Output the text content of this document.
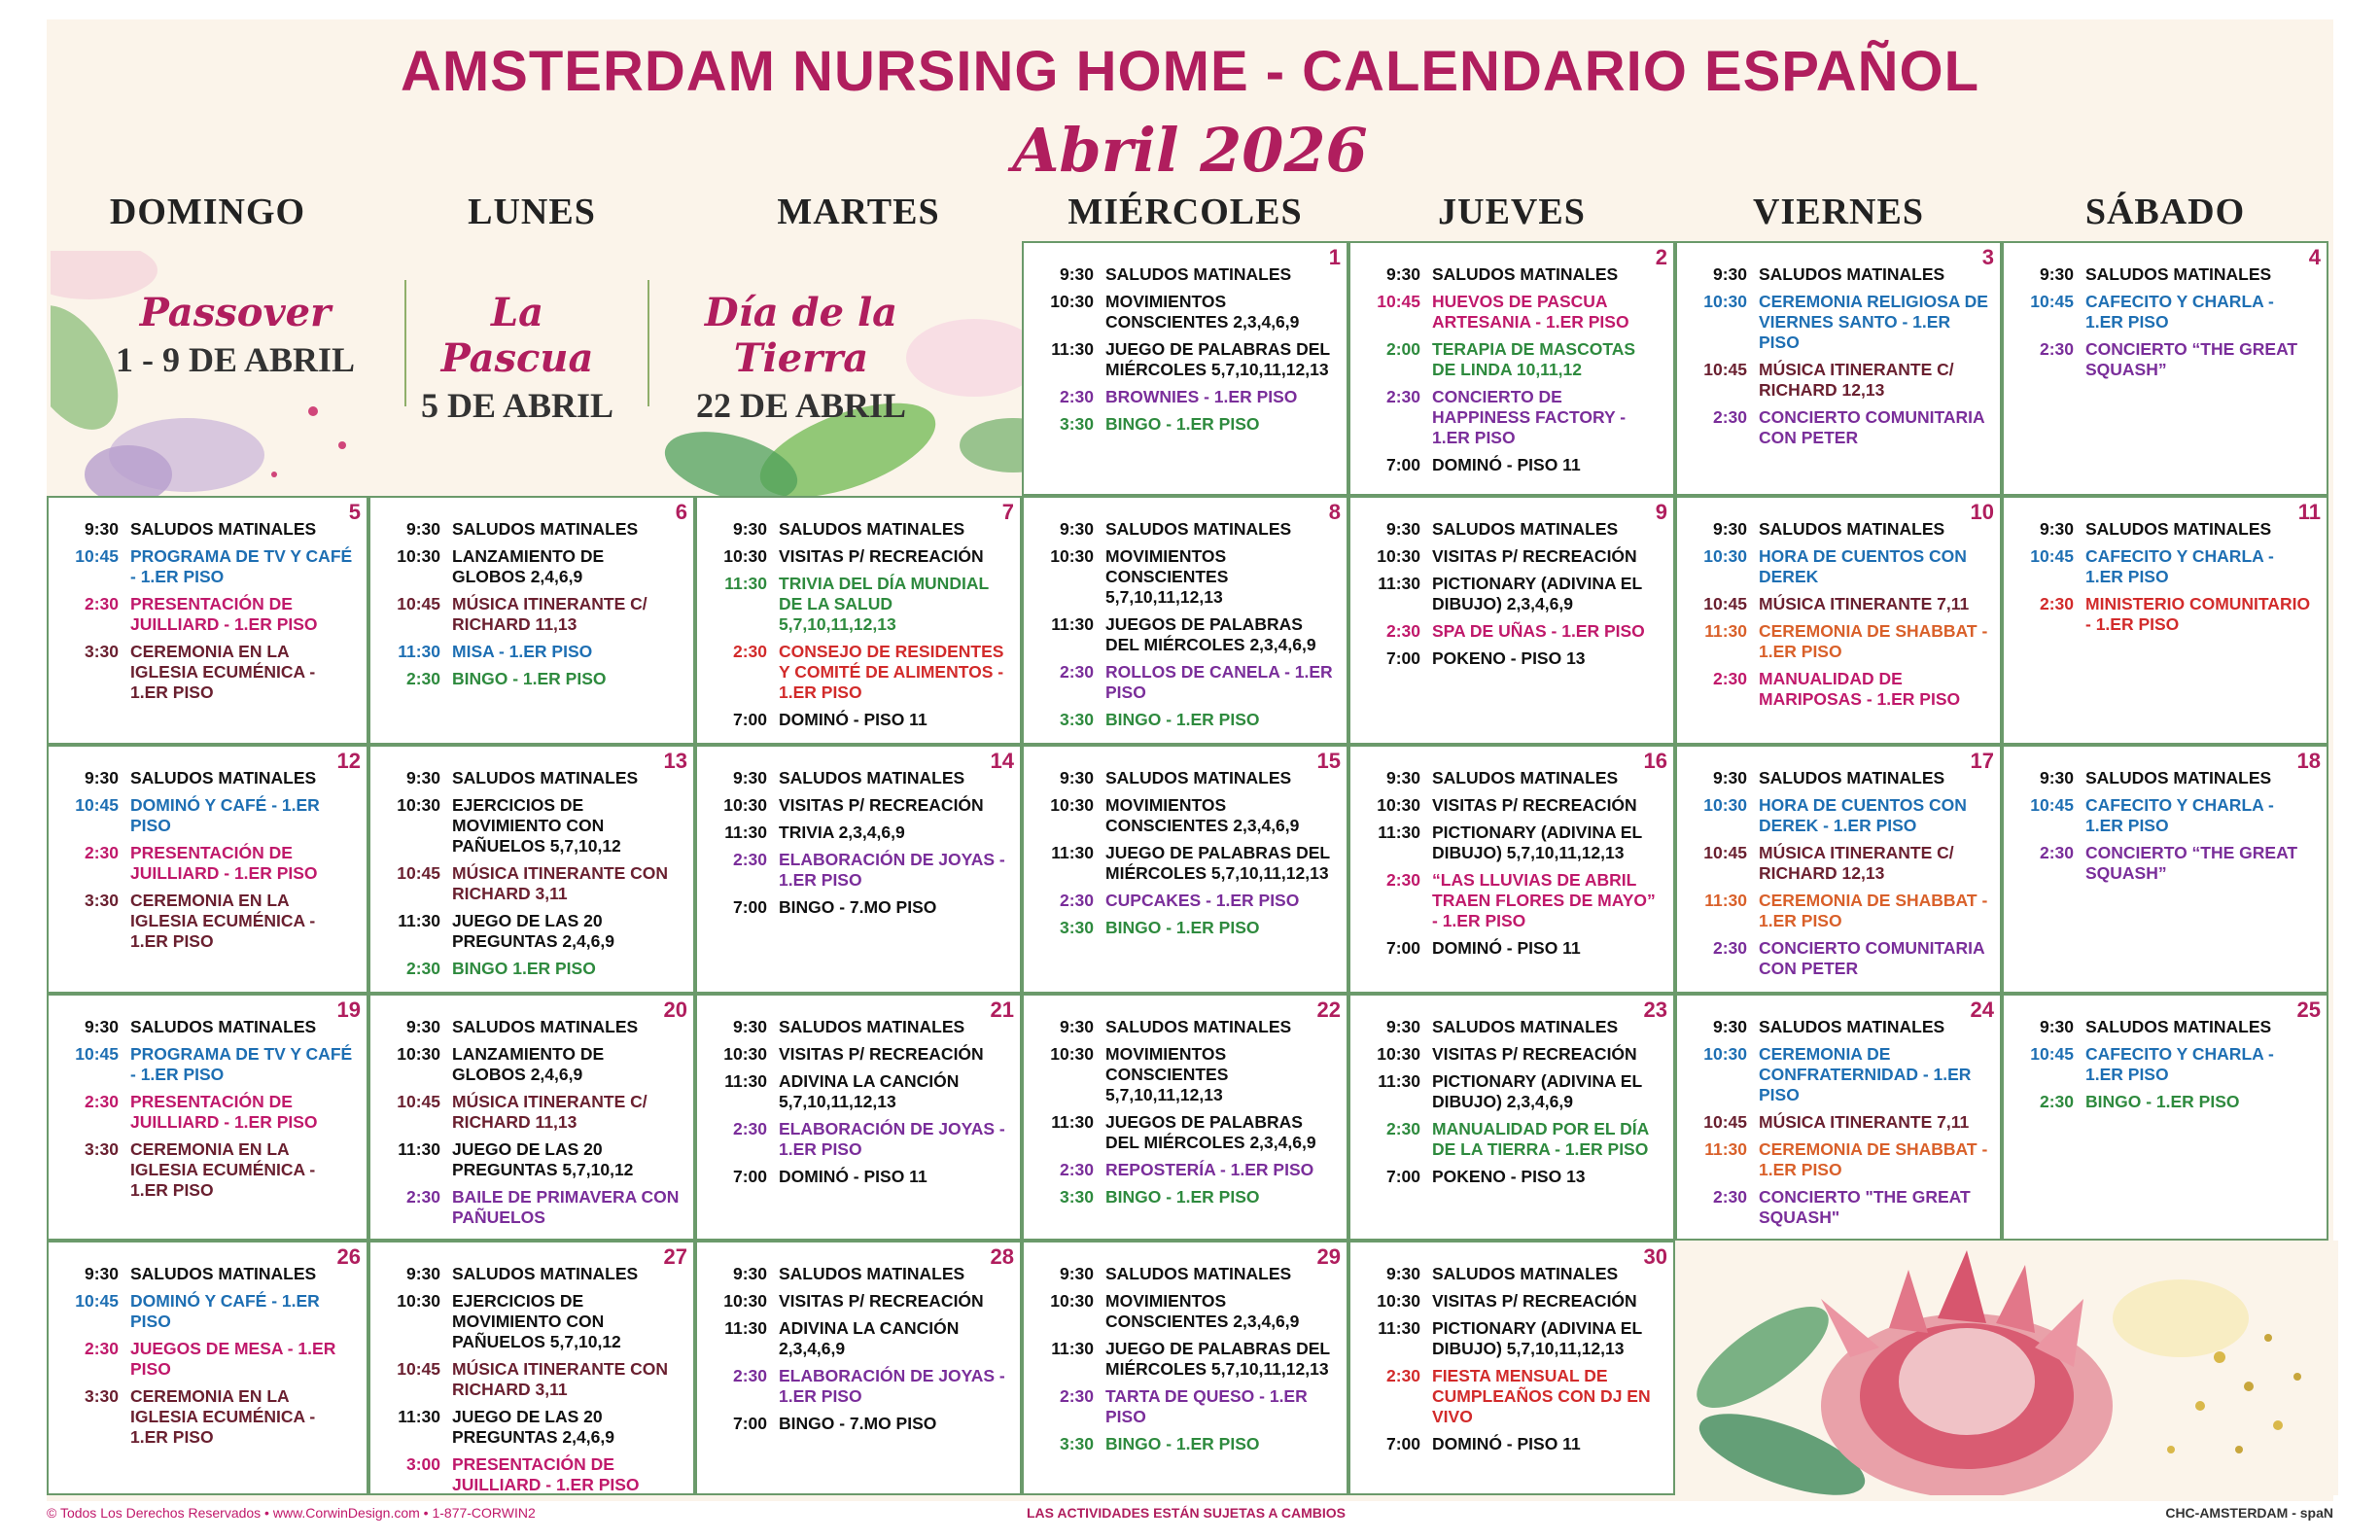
AMSTERDAM NURSING HOME - CALENDARIO ESPAÑOL
Abril 2026
DOMINGO	LUNES	MARTES	MIÉRCOLES	JUEVES	VIERNES	SÁBADO
Passover
1 - 9 DE ABRIL
La Pascua
5 DE ABRIL
Día de la Tierra
22 DE ABRIL
1
9:30 SALUDOS MATINALES
10:30 MOVIMIENTOS CONSCIENTES 2,3,4,6,9
11:30 JUEGO DE PALABRAS DEL MIÉRCOLES 5,7,10,11,12,13
2:30 BROWNIES - 1.ER PISO
3:30 BINGO - 1.ER PISO
2
9:30 SALUDOS MATINALES
10:45 HUEVOS DE PASCUA ARTESANIA - 1.ER PISO
2:00 TERAPIA DE MASCOTAS DE LINDA 10,11,12
2:30 CONCIERTO DE HAPPINESS FACTORY - 1.ER PISO
7:00 DOMINÓ - PISO 11
3
9:30 SALUDOS MATINALES
10:30 CEREMONIA RELIGIOSA DE VIERNES SANTO - 1.ER PISO
10:45 MÚSICA ITINERANTE C/ RICHARD 12,13
2:30 CONCIERTO COMUNITARIA CON PETER
4
9:30 SALUDOS MATINALES
10:45 CAFECITO Y CHARLA - 1.ER PISO
2:30 CONCIERTO “THE GREAT SQUASH”
5
9:30 SALUDOS MATINALES
10:45 PROGRAMA DE TV Y CAFÉ - 1.ER PISO
2:30 PRESENTACIÓN DE JUILLIARD - 1.ER PISO
3:30 CEREMONIA EN LA IGLESIA ECUMÉNICA - 1.ER PISO
6
9:30 SALUDOS MATINALES
10:30 LANZAMIENTO DE GLOBOS 2,4,6,9
10:45 MÚSICA ITINERANTE C/ RICHARD 11,13
11:30 MISA - 1.ER PISO
2:30 BINGO - 1.ER PISO
7
9:30 SALUDOS MATINALES
10:30 VISITAS P/ RECREACIÓN
11:30 TRIVIA DEL DÍA MUNDIAL DE LA SALUD 5,7,10,11,12,13
2:30 CONSEJO DE RESIDENTES Y COMITÉ DE ALIMENTOS - 1.ER PISO
7:00 DOMINÓ - PISO 11
8
9:30 SALUDOS MATINALES
10:30 MOVIMIENTOS CONSCIENTES 5,7,10,11,12,13
11:30 JUEGOS DE PALABRAS DEL MIÉRCOLES 2,3,4,6,9
2:30 ROLLOS DE CANELA - 1.ER PISO
3:30 BINGO - 1.ER PISO
9
9:30 SALUDOS MATINALES
10:30 VISITAS P/ RECREACIÓN
11:30 PICTIONARY (ADIVINA EL DIBUJO) 2,3,4,6,9
2:30 SPA DE UÑAS - 1.ER PISO
7:00 POKENO - PISO 13
10
9:30 SALUDOS MATINALES
10:30 HORA DE CUENTOS CON DEREK
10:45 MÚSICA ITINERANTE 7,11
11:30 CEREMONIA DE SHABBAT - 1.ER PISO
2:30 MANUALIDAD DE MARIPOSAS - 1.ER PISO
11
9:30 SALUDOS MATINALES
10:45 CAFECITO Y CHARLA - 1.ER PISO
2:30 MINISTERIO COMUNITARIO - 1.ER PISO
12
9:30 SALUDOS MATINALES
10:45 DOMINÓ Y CAFÉ - 1.ER PISO
2:30 PRESENTACIÓN DE JUILLIARD - 1.ER PISO
3:30 CEREMONIA EN LA IGLESIA ECUMÉNICA - 1.ER PISO
13
9:30 SALUDOS MATINALES
10:30 EJERCICIOS DE MOVIMIENTO CON PAÑUELOS 5,7,10,12
10:45 MÚSICA ITINERANTE CON RICHARD 3,11
11:30 JUEGO DE LAS 20 PREGUNTAS 2,4,6,9
2:30 BINGO 1.ER PISO
14
9:30 SALUDOS MATINALES
10:30 VISITAS P/ RECREACIÓN
11:30 TRIVIA 2,3,4,6,9
2:30 ELABORACIÓN DE JOYAS - 1.ER PISO
7:00 BINGO - 7.MO PISO
15
9:30 SALUDOS MATINALES
10:30 MOVIMIENTOS CONSCIENTES 2,3,4,6,9
11:30 JUEGO DE PALABRAS DEL MIÉRCOLES 5,7,10,11,12,13
2:30 CUPCAKES - 1.ER PISO
3:30 BINGO - 1.ER PISO
16
9:30 SALUDOS MATINALES
10:30 VISITAS P/ RECREACIÓN
11:30 PICTIONARY (ADIVINA EL DIBUJO) 5,7,10,11,12,13
2:30 “LAS LLUVIAS DE ABRIL TRAEN FLORES DE MAYO” - 1.ER PISO
7:00 DOMINÓ - PISO 11
17
9:30 SALUDOS MATINALES
10:30 HORA DE CUENTOS CON DEREK - 1.ER PISO
10:45 MÚSICA ITINERANTE C/ RICHARD 12,13
11:30 CEREMONIA DE SHABBAT - 1.ER PISO
2:30 CONCIERTO COMUNITARIA CON PETER
18
9:30 SALUDOS MATINALES
10:45 CAFECITO Y CHARLA - 1.ER PISO
2:30 CONCIERTO “THE GREAT SQUASH”
19
9:30 SALUDOS MATINALES
10:45 PROGRAMA DE TV Y CAFÉ - 1.ER PISO
2:30 PRESENTACIÓN DE JUILLIARD - 1.ER PISO
3:30 CEREMONIA EN LA IGLESIA ECUMÉNICA - 1.ER PISO
20
9:30 SALUDOS MATINALES
10:30 LANZAMIENTO DE GLOBOS 2,4,6,9
10:45 MÚSICA ITINERANTE C/ RICHARD 11,13
11:30 JUEGO DE LAS 20 PREGUNTAS 5,7,10,12
2:30 BAILE DE PRIMAVERA CON PAÑUELOS
21
9:30 SALUDOS MATINALES
10:30 VISITAS P/ RECREACIÓN
11:30 ADIVINA LA CANCIÓN 5,7,10,11,12,13
2:30 ELABORACIÓN DE JOYAS - 1.ER PISO
7:00 DOMINÓ - PISO 11
22
9:30 SALUDOS MATINALES
10:30 MOVIMIENTOS CONSCIENTES 5,7,10,11,12,13
11:30 JUEGOS DE PALABRAS DEL MIÉRCOLES 2,3,4,6,9
2:30 REPOSTERÍA - 1.ER PISO
3:30 BINGO - 1.ER PISO
23
9:30 SALUDOS MATINALES
10:30 VISITAS P/ RECREACIÓN
11:30 PICTIONARY (ADIVINA EL DIBUJO) 2,3,4,6,9
2:30 MANUALIDAD POR EL DÍA DE LA TIERRA - 1.ER PISO
7:00 POKENO - PISO 13
24
9:30 SALUDOS MATINALES
10:30 CEREMONIA DE CONFRATERNIDAD - 1.ER PISO
10:45 MÚSICA ITINERANTE 7,11
11:30 CEREMONIA DE SHABBAT - 1.ER PISO
2:30 CONCIERTO "THE GREAT SQUASH"
25
9:30 SALUDOS MATINALES
10:45 CAFECITO Y CHARLA - 1.ER PISO
2:30 BINGO - 1.ER PISO
26
9:30 SALUDOS MATINALES
10:45 DOMINÓ Y CAFÉ - 1.ER PISO
2:30 JUEGOS DE MESA - 1.ER PISO
3:30 CEREMONIA EN LA IGLESIA ECUMÉNICA - 1.ER PISO
27
9:30 SALUDOS MATINALES
10:30 EJERCICIOS DE MOVIMIENTO CON PAÑUELOS 5,7,10,12
10:45 MÚSICA ITINERANTE CON RICHARD 3,11
11:30 JUEGO DE LAS 20 PREGUNTAS 2,4,6,9
3:00 PRESENTACIÓN DE JUILLIARD - 1.ER PISO
28
9:30 SALUDOS MATINALES
10:30 VISITAS P/ RECREACIÓN
11:30 ADIVINA LA CANCIÓN 2,3,4,6,9
2:30 ELABORACIÓN DE JOYAS - 1.ER PISO
7:00 BINGO - 7.MO PISO
29
9:30 SALUDOS MATINALES
10:30 MOVIMIENTOS CONSCIENTES 2,3,4,6,9
11:30 JUEGO DE PALABRAS DEL MIÉRCOLES 5,7,10,11,12,13
2:30 TARTA DE QUESO - 1.ER PISO
3:30 BINGO - 1.ER PISO
30
9:30 SALUDOS MATINALES
10:30 VISITAS P/ RECREACIÓN
11:30 PICTIONARY (ADIVINA EL DIBUJO) 5,7,10,11,12,13
2:30 FIESTA MENSUAL DE CUMPLEAÑOS CON DJ EN VIVO
7:00 DOMINÓ - PISO 11
© Todos Los Derechos Reservados • www.CorwinDesign.com • 1-877-CORWIN2	LAS ACTIVIDADES ESTÁN SUJETAS A CAMBIOS	CHC-AMSTERDAM - spaN
